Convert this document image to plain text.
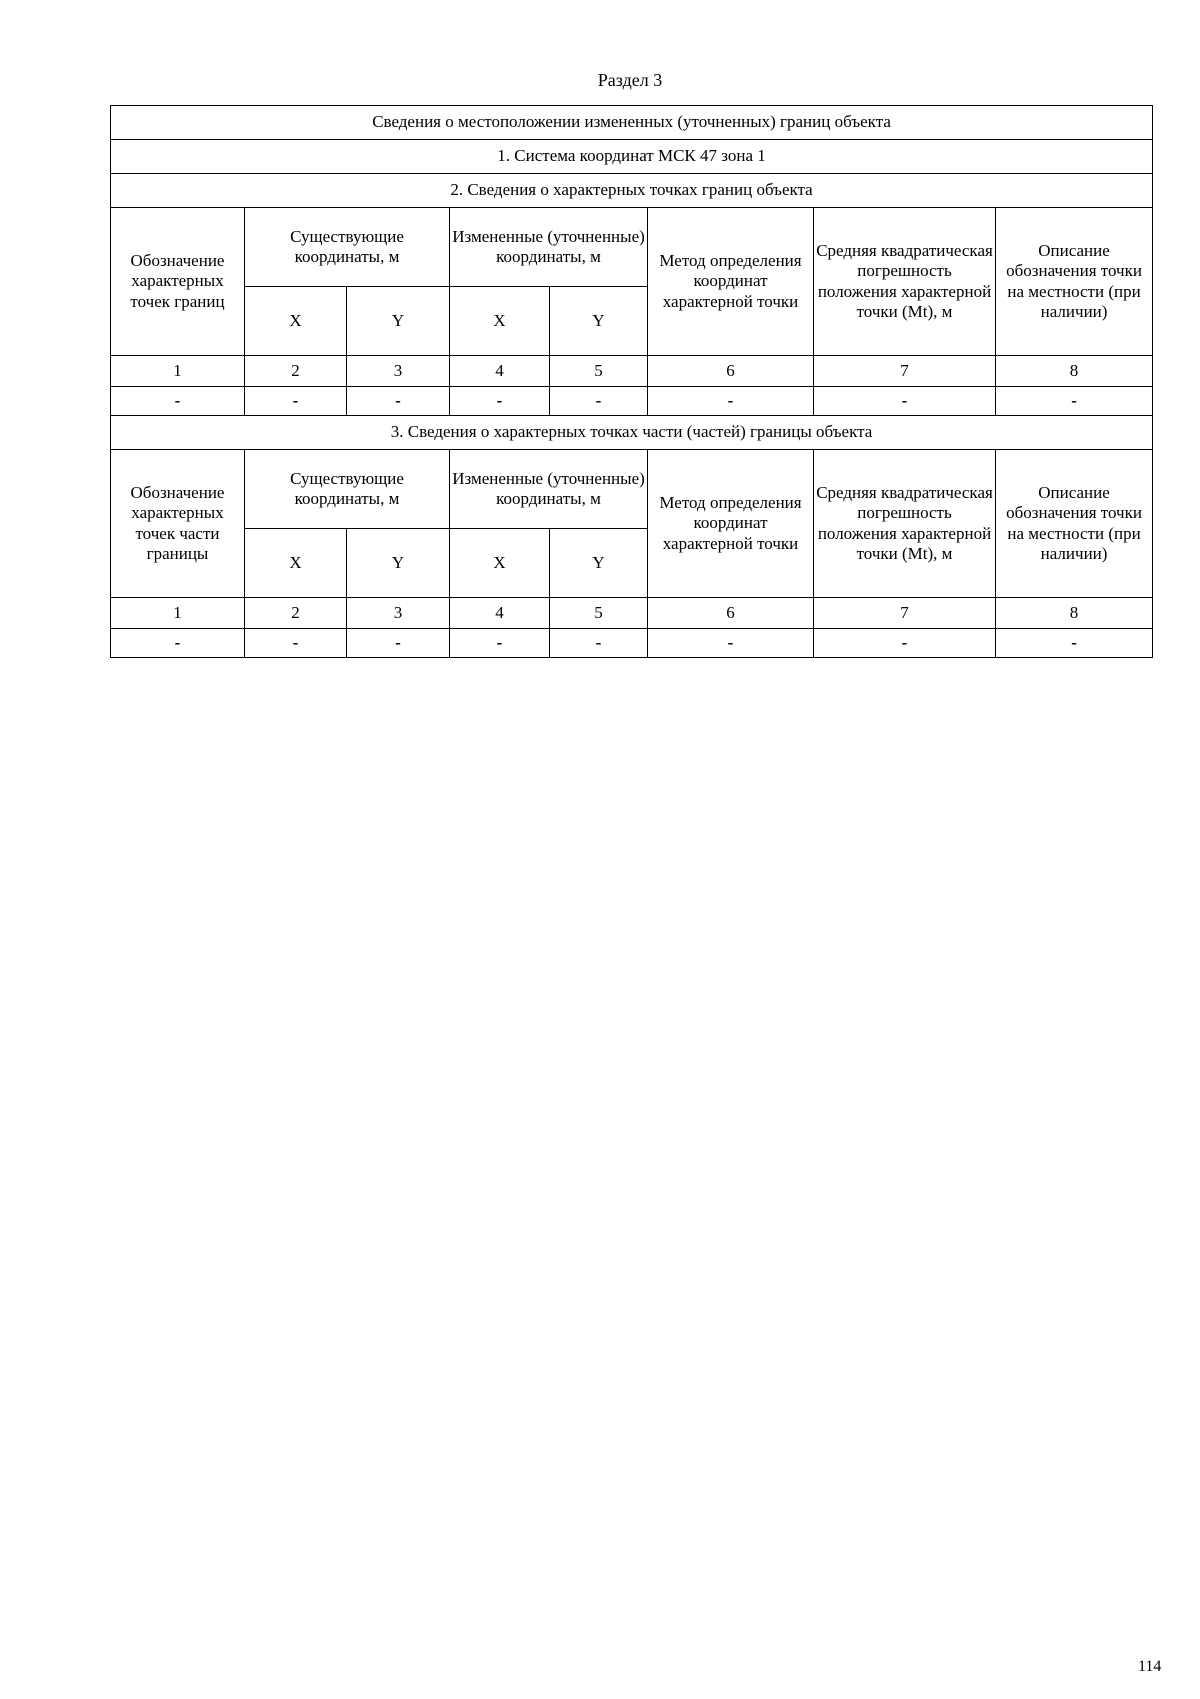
Раздел 3
Сведения о местоположении измененных (уточненных) границ объекта							
1. Система координат МСК 47 зона 1							
2. Сведения о характерных точках границ объекта							
Обозначение характерных точек границ	Существующие координаты, м		Измененные (уточненные) координаты, м		Метод определения координат характерной точки	Средняя квадратическая погрешность положения характерной точки (Mt), м	Описание обозначения точки на местности (при наличии)
	X	Y	X	Y			
1	2	3	4	5	6	7	8
-	-	-	-	-	-	-	-
3. Сведения о характерных точках части (частей) границы объекта							
Обозначение характерных точек части границы	Существующие координаты, м		Измененные (уточненные) координаты, м		Метод определения координат характерной точки	Средняя квадратическая погрешность положения характерной точки (Mt), м	Описание обозначения точки на местности (при наличии)
	X	Y	X	Y			
1	2	3	4	5	6	7	8
-	-	-	-	-	-	-	-
114
